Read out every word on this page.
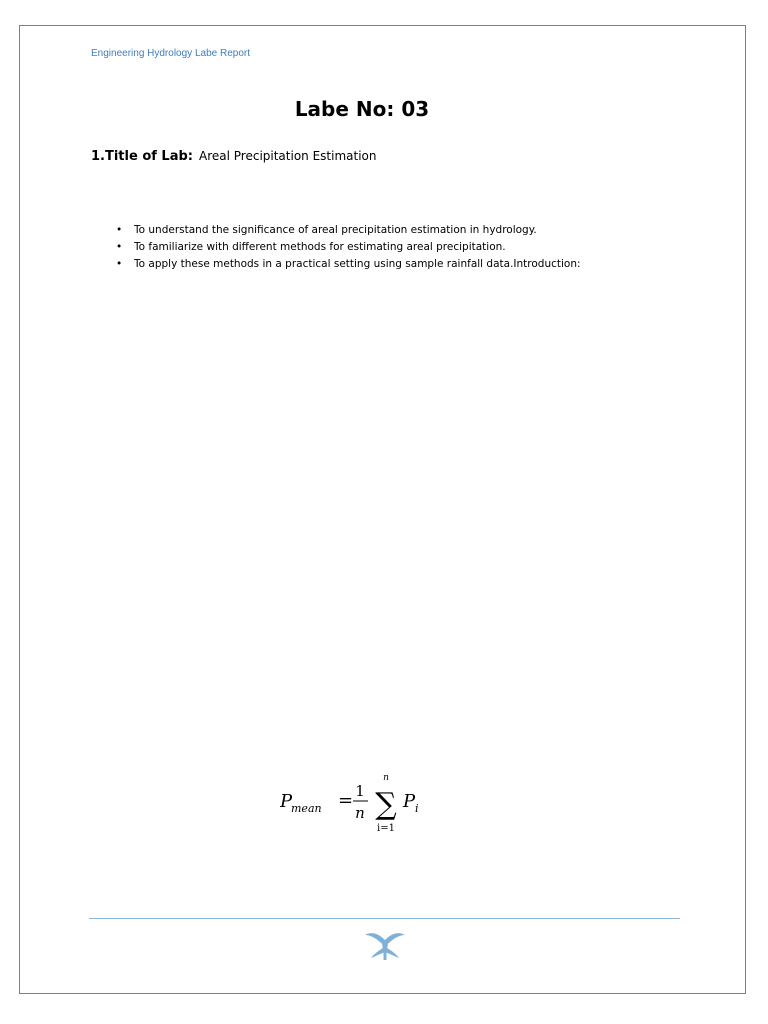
Engineering Hydrology Labe Report
Labe No: 03
1.Title of Lab: Areal Precipitation Estimation
• To understand the significance of areal precipitation estimation in hydrology.
• To familiarize with different methods for estimating areal precipitation.
• To apply these methods in a practical setting using sample rainfall data.Introduction:
P
mean = 1
n
n
∑
i=1
P i
